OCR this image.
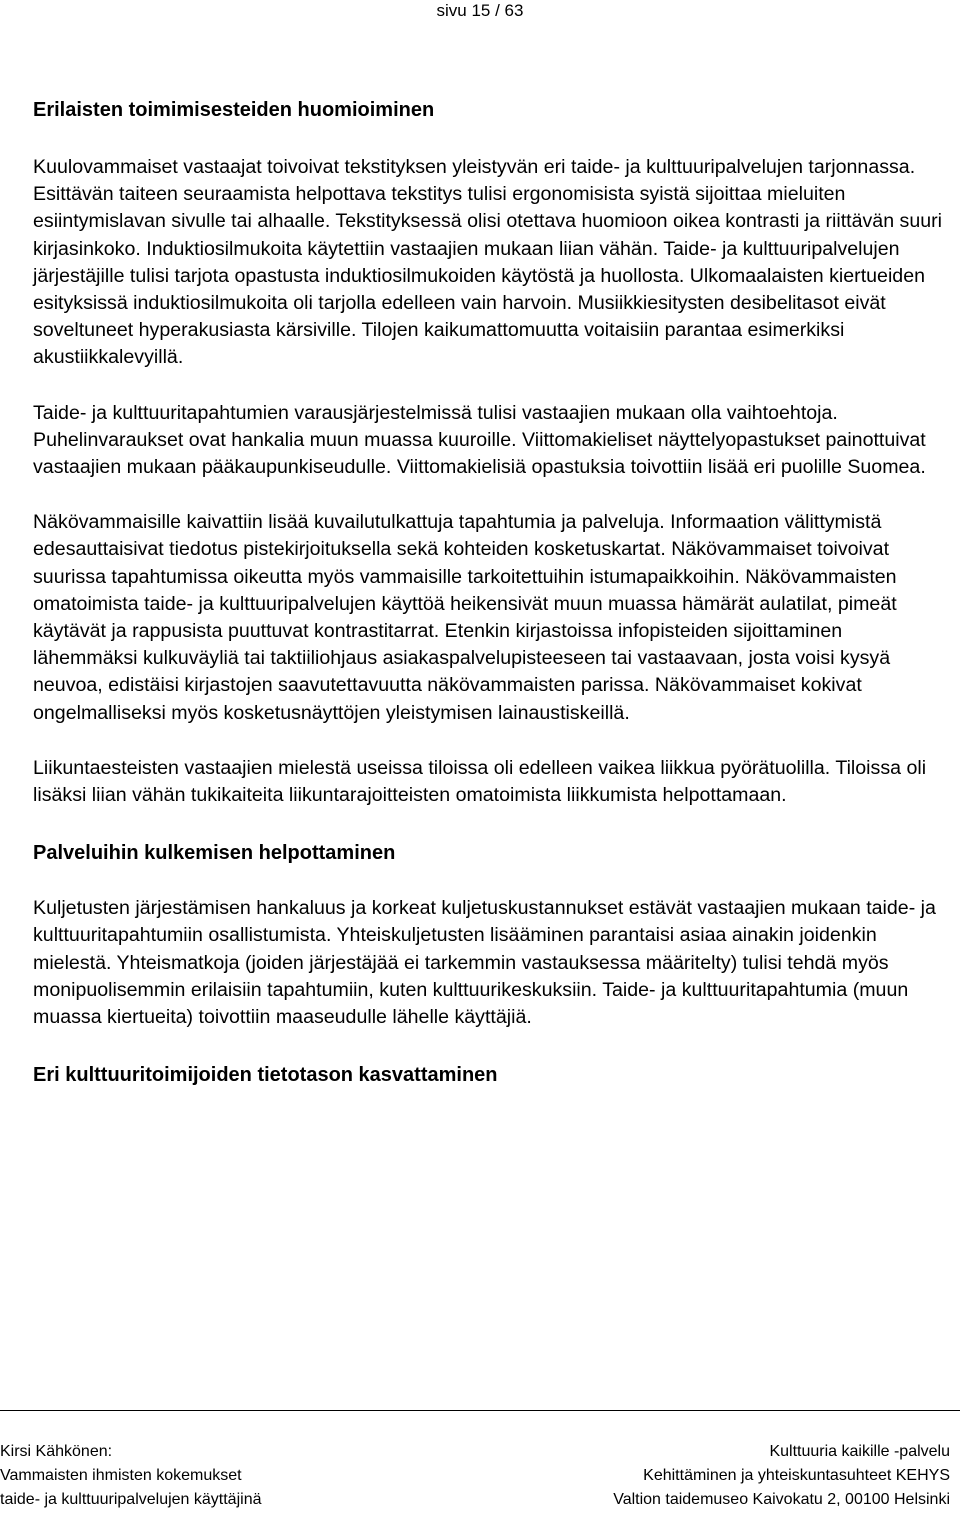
sivu 15 / 63
Erilaisten toimimisesteiden huomioiminen

Kuulovammaiset vastaajat toivoivat tekstityksen yleistyvän eri taide- ja kulttuuripalvelujen tarjonnassa. Esittävän taiteen seuraamista helpottava tekstitys tulisi ergonomisista syistä sijoittaa mieluiten esiintymislavan sivulle tai alhaalle. Tekstityksessä olisi otettava huomioon oikea kontrasti ja riittävän suuri kirjasinkoko. Induktiosilmukoita käytettiin vastaajien mukaan liian vähän. Taide- ja kulttuuripalvelujen järjestäjille tulisi tarjota opastusta induktiosilmukoiden käytöstä ja huollosta. Ulkomaalaisten kiertueiden esityksissä induktiosilmukoita oli tarjolla edelleen vain harvoin. Musiikkiesitysten desibelitasot eivät soveltuneet hyperakusiasta kärsiville. Tilojen kaikumattomuutta voitaisiin parantaa esimerkiksi akustiikkalevyillä.

Taide- ja kulttuuritapahtumien varausjärjestelmissä tulisi vastaajien mukaan olla vaihtoehtoja. Puhelinvaraukset ovat hankalia muun muassa kuuroille. Viittomakieliset näyttelyopastukset painottuivat vastaajien mukaan pääkaupunkiseudulle. Viittomakielisiä opastuksia toivottiin lisää eri puolille Suomea.

Näkövammaisille kaivattiin lisää kuvailutulkattuja tapahtumia ja palveluja. Informaation välittymistä edesauttaisivat tiedotus pistekirjoituksella sekä kohteiden kosketuskartat. Näkövammaiset toivoivat suurissa tapahtumissa oikeutta myös vammaisille tarkoitettuihin istumapaikkoihin. Näkövammaisten omatoimista taide- ja kulttuuripalvelujen käyttöä heikensivät muun muassa hämärät aulatilat, pimeät käytävät ja rappusista puuttuvat kontrastitarrat. Etenkin kirjastoissa infopisteiden sijoittaminen lähemmäksi kulkuväyliä tai taktiiliohjaus asiakaspalvelupisteeseen tai vastaavaan, josta voisi kysyä neuvoa, edistäisi kirjastojen saavutettavuutta näkövammaisten parissa. Näkövammaiset kokivat ongelmalliseksi myös kosketusnäyttöjen yleistymisen lainaustiskeillä.

Liikuntaesteisten vastaajien mielestä useissa tiloissa oli edelleen vaikea liikkua pyörätuolilla. Tiloissa oli lisäksi liian vähän tukikaiteita liikuntarajoitteisten omatoimista liikkumista helpottamaan.

Palveluihin kulkemisen helpottaminen

Kuljetusten järjestämisen hankaluus ja korkeat kuljetuskustannukset estävät vastaajien mukaan taide- ja kulttuuritapahtumiin osallistumista. Yhteiskuljetusten lisääminen parantaisi asiaa ainakin joidenkin mielestä. Yhteismatkoja (joiden järjestäjää ei tarkemmin vastauksessa määritelty) tulisi tehdä myös monipuolisemmin erilaisiin tapahtumiin, kuten kulttuurikeskuksiin. Taide- ja kulttuuritapahtumia (muun muassa kiertueita) toivottiin maaseudulle lähelle käyttäjiä.

Eri kulttuuritoimijoiden tietotason kasvattaminen
Kirsi Kähkönen:
Vammaisten ihmisten kokemukset
taide- ja kulttuuripalvelujen käyttäjinä
Kulttuuria kaikille -palvelu
Kehittäminen ja yhteiskuntasuhteet KEHYS
Valtion taidemuseo Kaivokatu 2, 00100 Helsinki
